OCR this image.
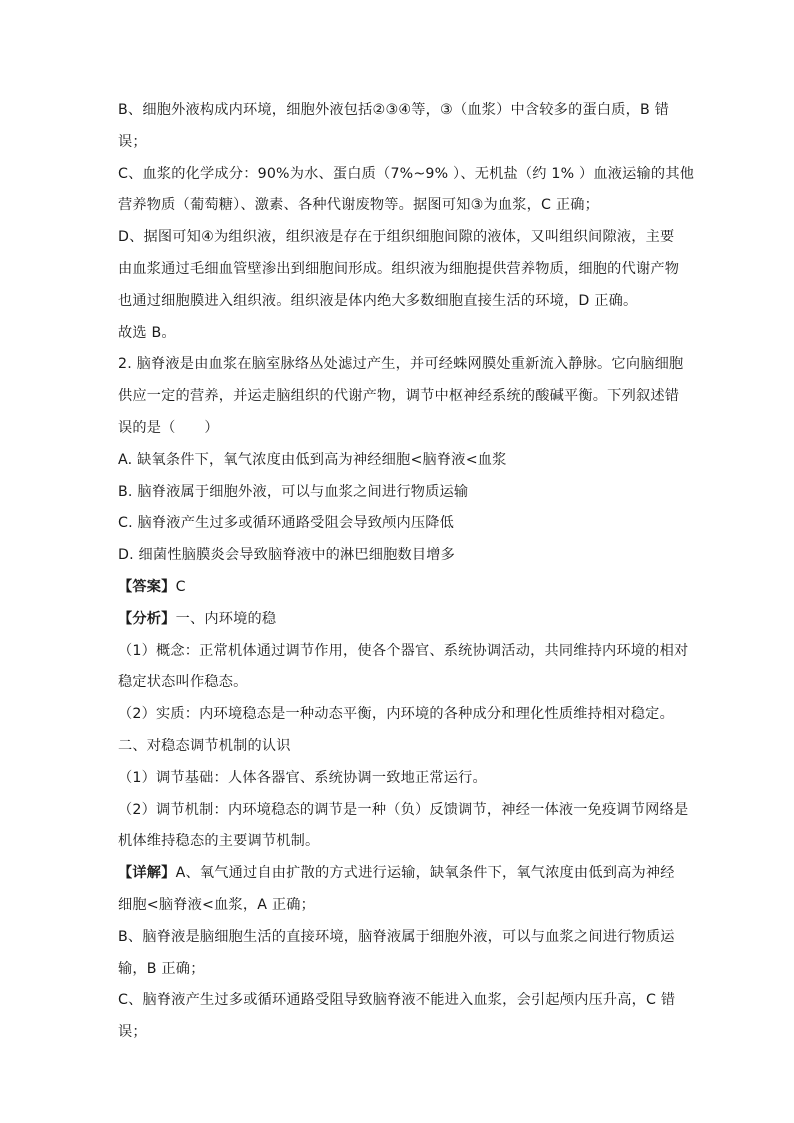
B、细胞外液构成内环境，细胞外液包括②③④等，③（血浆）中含较多的蛋白质，B 错

误；

C、血浆的化学成分：90%为水、蛋白质（7%~9% ）、无机盐（约 1% ）血液运输的其他

营养物质（葡萄糖）、激素、各种代谢废物等。据图可知③为血浆，C 正确；

D、据图可知④为组织液，组织液是存在于组织细胞间隙的液体，又叫组织间隙液，主要

由血浆通过毛细血管壁渗出到细胞间形成。组织液为细胞提供营养物质，细胞的代谢产物

也通过细胞膜进入组织液。组织液是体内绝大多数细胞直接生活的环境，D 正确。

故选 B。

2. 脑脊液是由血浆在脑室脉络丛处滤过产生，并可经蛛网膜处重新流入静脉。它向脑细胞

供应一定的营养，并运走脑组织的代谢产物，调节中枢神经系统的酸碱平衡。下列叙述错

误的是（　　）

A. 缺氧条件下，氧气浓度由低到高为神经细胞<脑脊液<血浆

B. 脑脊液属于细胞外液，可以与血浆之间进行物质运输

C. 脑脊液产生过多或循环通路受阻会导致颅内压降低

D. 细菌性脑膜炎会导致脑脊液中的淋巴细胞数目增多

【答案】C

【分析】一、内环境的稳

（1）概念：正常机体通过调节作用，使各个器官、系统协调活动，共同维持内环境的相对

稳定状态叫作稳态。

（2）实质：内环境稳态是一种动态平衡，内环境的各种成分和理化性质维持相对稳定。

二、对稳态调节机制的认识

（1）调节基础：人体各器官、系统协调一致地正常运行。

（2）调节机制：内环境稳态的调节是一种（负）反馈调节，神经一体液一免疫调节网络是

机体维持稳态的主要调节机制。

【详解】A、氧气通过自由扩散的方式进行运输，缺氧条件下，氧气浓度由低到高为神经

细胞<脑脊液<血浆，A 正确；

B、脑脊液是脑细胞生活的直接环境，脑脊液属于细胞外液，可以与血浆之间进行物质运

输，B 正确；

C、脑脊液产生过多或循环通路受阻导致脑脊液不能进入血浆，会引起颅内压升高，C 错

误；
